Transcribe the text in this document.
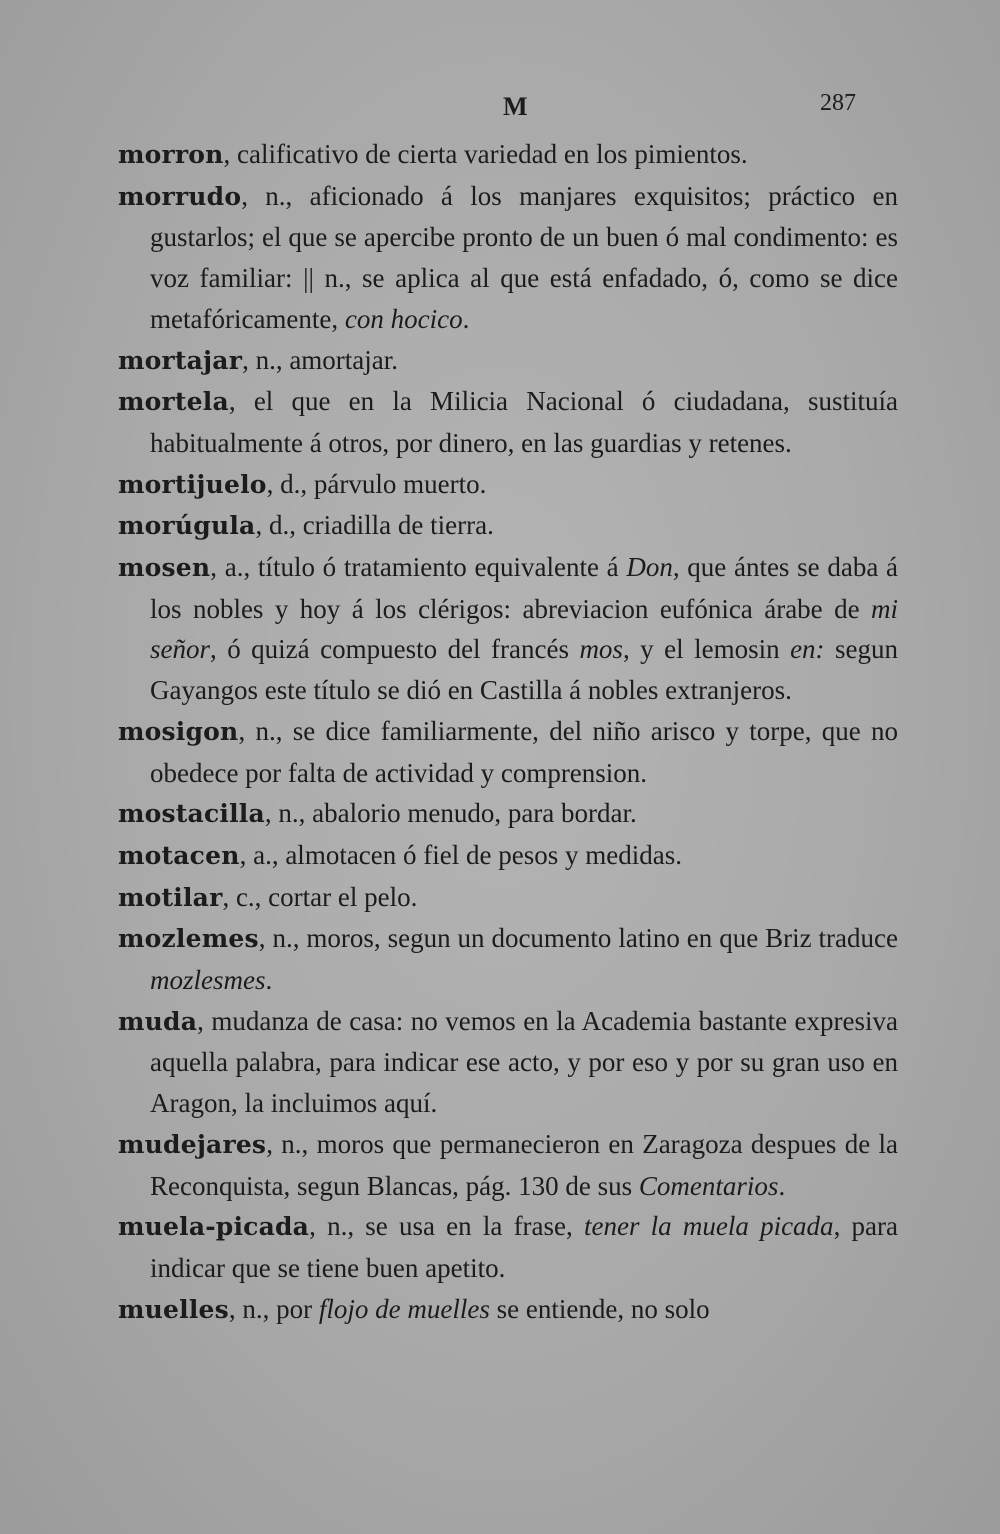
M	287

morron, calificativo de cierta variedad en los pimientos.

morrudo, n., aficionado á los manjares exquisitos; práctico en gustarlos; el que se apercibe pronto de un buen ó mal condimento: es voz familiar: || n., se aplica al que está enfadado, ó, como se dice metafóricamente, con hocico.

mortajar, n., amortajar.

mortela, el que en la Milicia Nacional ó ciudadana, sustituía habitualmente á otros, por dinero, en las guardias y retenes.

mortijuelo, d., párvulo muerto.

morúgula, d., criadilla de tierra.

mosen, a., título ó tratamiento equivalente á Don, que ántes se daba á los nobles y hoy á los clérigos: abreviacion eufónica árabe de mi señor, ó quizá compuesto del francés mos, y el lemosin en: segun Gayangos este título se dió en Castilla á nobles extranjeros.

mosigon, n., se dice familiarmente, del niño arisco y torpe, que no obedece por falta de actividad y comprension.

mostacilla, n., abalorio menudo, para bordar.

motacen, a., almotacen ó fiel de pesos y medidas.

motilar, c., cortar el pelo.

mozlemes, n., moros, segun un documento latino en que Briz traduce mozlesmes.

muda, mudanza de casa: no vemos en la Academia bastante expresiva aquella palabra, para indicar ese acto, y por eso y por su gran uso en Aragon, la incluimos aquí.

mudejares, n., moros que permanecieron en Zaragoza despues de la Reconquista, segun Blancas, pág. 130 de sus Comentarios.

muela-picada, n., se usa en la frase, tener la muela picada, para indicar que se tiene buen apetito.

muelles, n., por flojo de muelles se entiende, no solo
